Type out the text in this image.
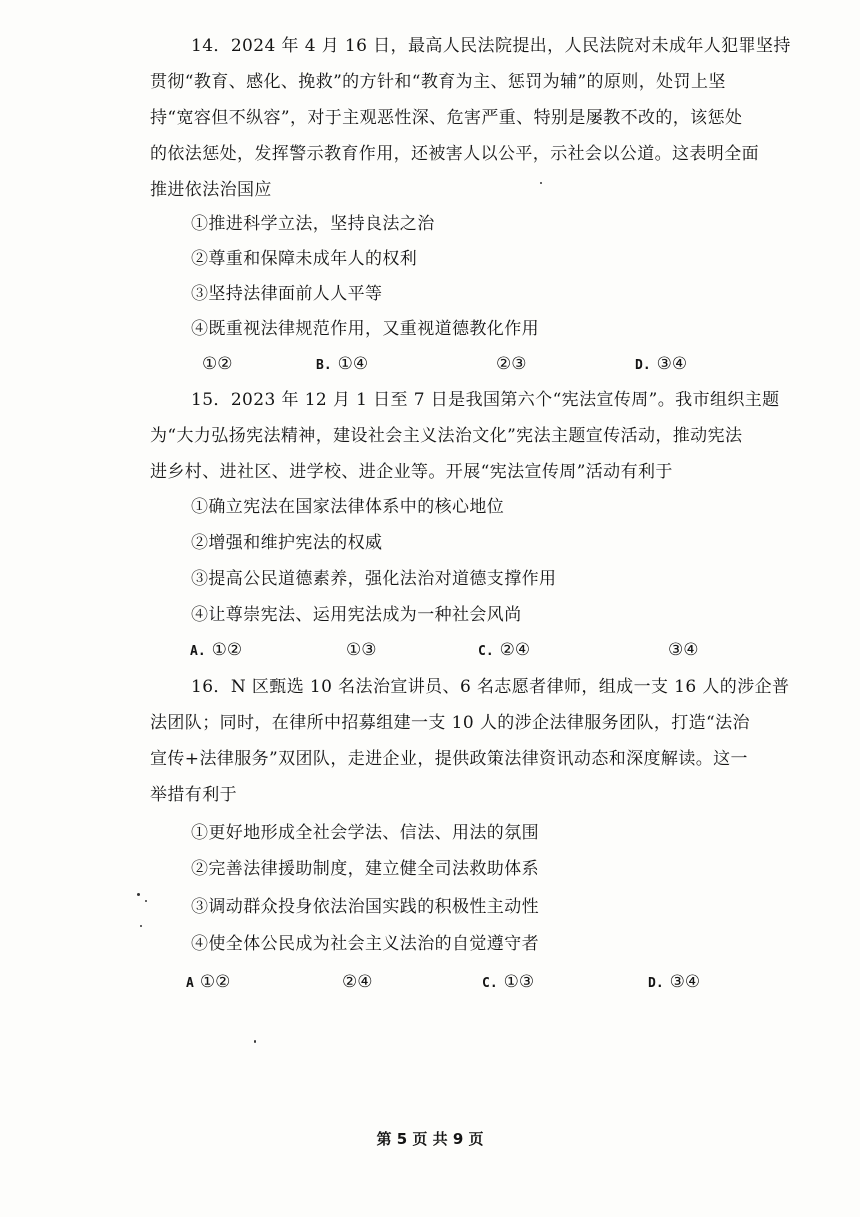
14．2024 年 4 月 16 日，最高人民法院提出，人民法院对未成年人犯罪坚持
贯彻“教育、感化、挽救”的方针和“教育为主、惩罚为辅”的原则，处罚上坚
持“宽容但不纵容”，对于主观恶性深、危害严重、特别是屡教不改的，该惩处
的依法惩处，发挥警示教育作用，还被害人以公平，示社会以公道。这表明全面
推进依法治国应
①推进科学立法，坚持良法之治
②尊重和保障未成年人的权利
③坚持法律面前人人平等
④既重视法律规范作用，又重视道德教化作用
①②	B. ①④	②③	D. ③④
15．2023 年 12 月 1 日至 7 日是我国第六个“宪法宣传周”。我市组织主题
为“大力弘扬宪法精神，建设社会主义法治文化”宪法主题宣传活动，推动宪法
进乡村、进社区、进学校、进企业等。开展“宪法宣传周”活动有利于
①确立宪法在国家法律体系中的核心地位
②增强和维护宪法的权威
③提高公民道德素养，强化法治对道德支撑作用
④让尊崇宪法、运用宪法成为一种社会风尚
A. ①②	①③	C. ②④	③④
16．N 区甄选 10 名法治宣讲员、6 名志愿者律师，组成一支 16 人的涉企普
法团队；同时，在律所中招募组建一支 10 人的涉企法律服务团队，打造“法治
宣传+法律服务”双团队，走进企业，提供政策法律资讯动态和深度解读。这一
举措有利于
①更好地形成全社会学法、信法、用法的氛围
②完善法律援助制度，建立健全司法救助体系
③调动群众投身依法治国实践的积极性主动性
④使全体公民成为社会主义法治的自觉遵守者
A ①②	②④	C. ①③	D. ③④
第 5 页 共 9 页
